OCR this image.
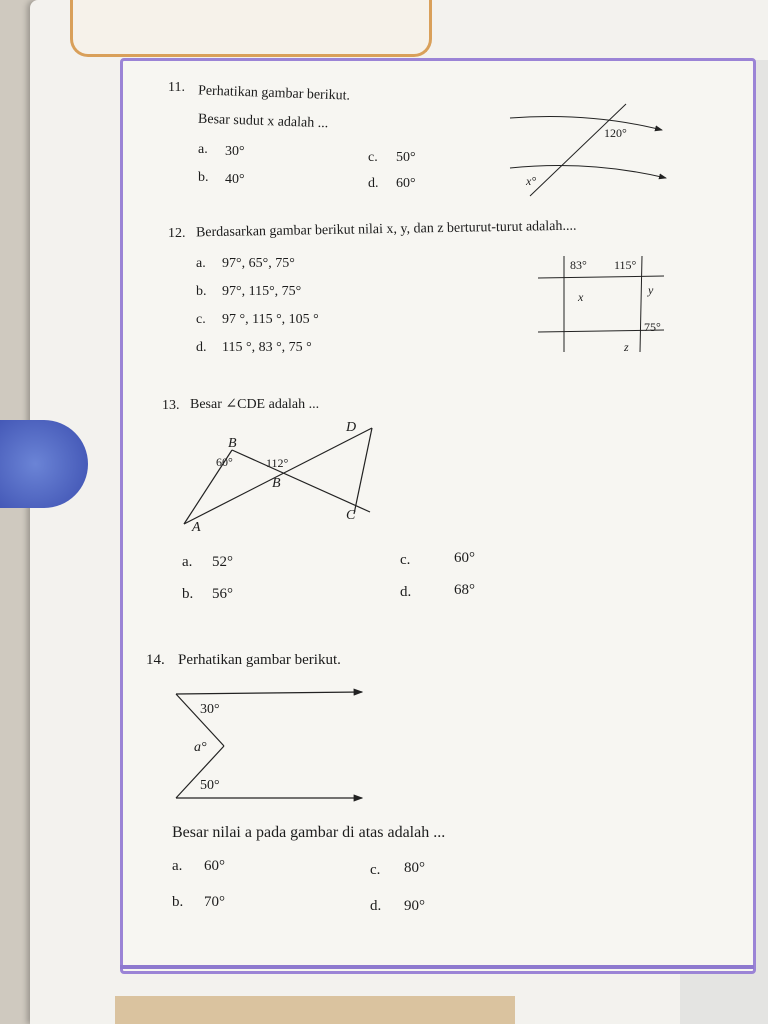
11. Perhatikan gambar berikut.
Besar sudut x adalah ...
a. 30°
b. 40°
c. 50°
d. 60°
120°
x°
12. Berdasarkan gambar berikut nilai x, y, dan z berturut-turut adalah....
a. 97°, 65°, 75°
b. 97°, 115°, 75°
c. 97 °, 115 °, 105 °
d. 115 °, 83 °, 75 °
83° 115°
x	y
75°
z
13. Besar ∠CDE adalah ...
B
D
60°	112°
B
C
A
a. 52°
b. 56°
c.	60°
d.	68°
14. Perhatikan gambar berikut.
30°
a°
50°
Besar nilai a pada gambar di atas adalah ...
a. 60°
b. 70°
c. 80°
d. 90°
